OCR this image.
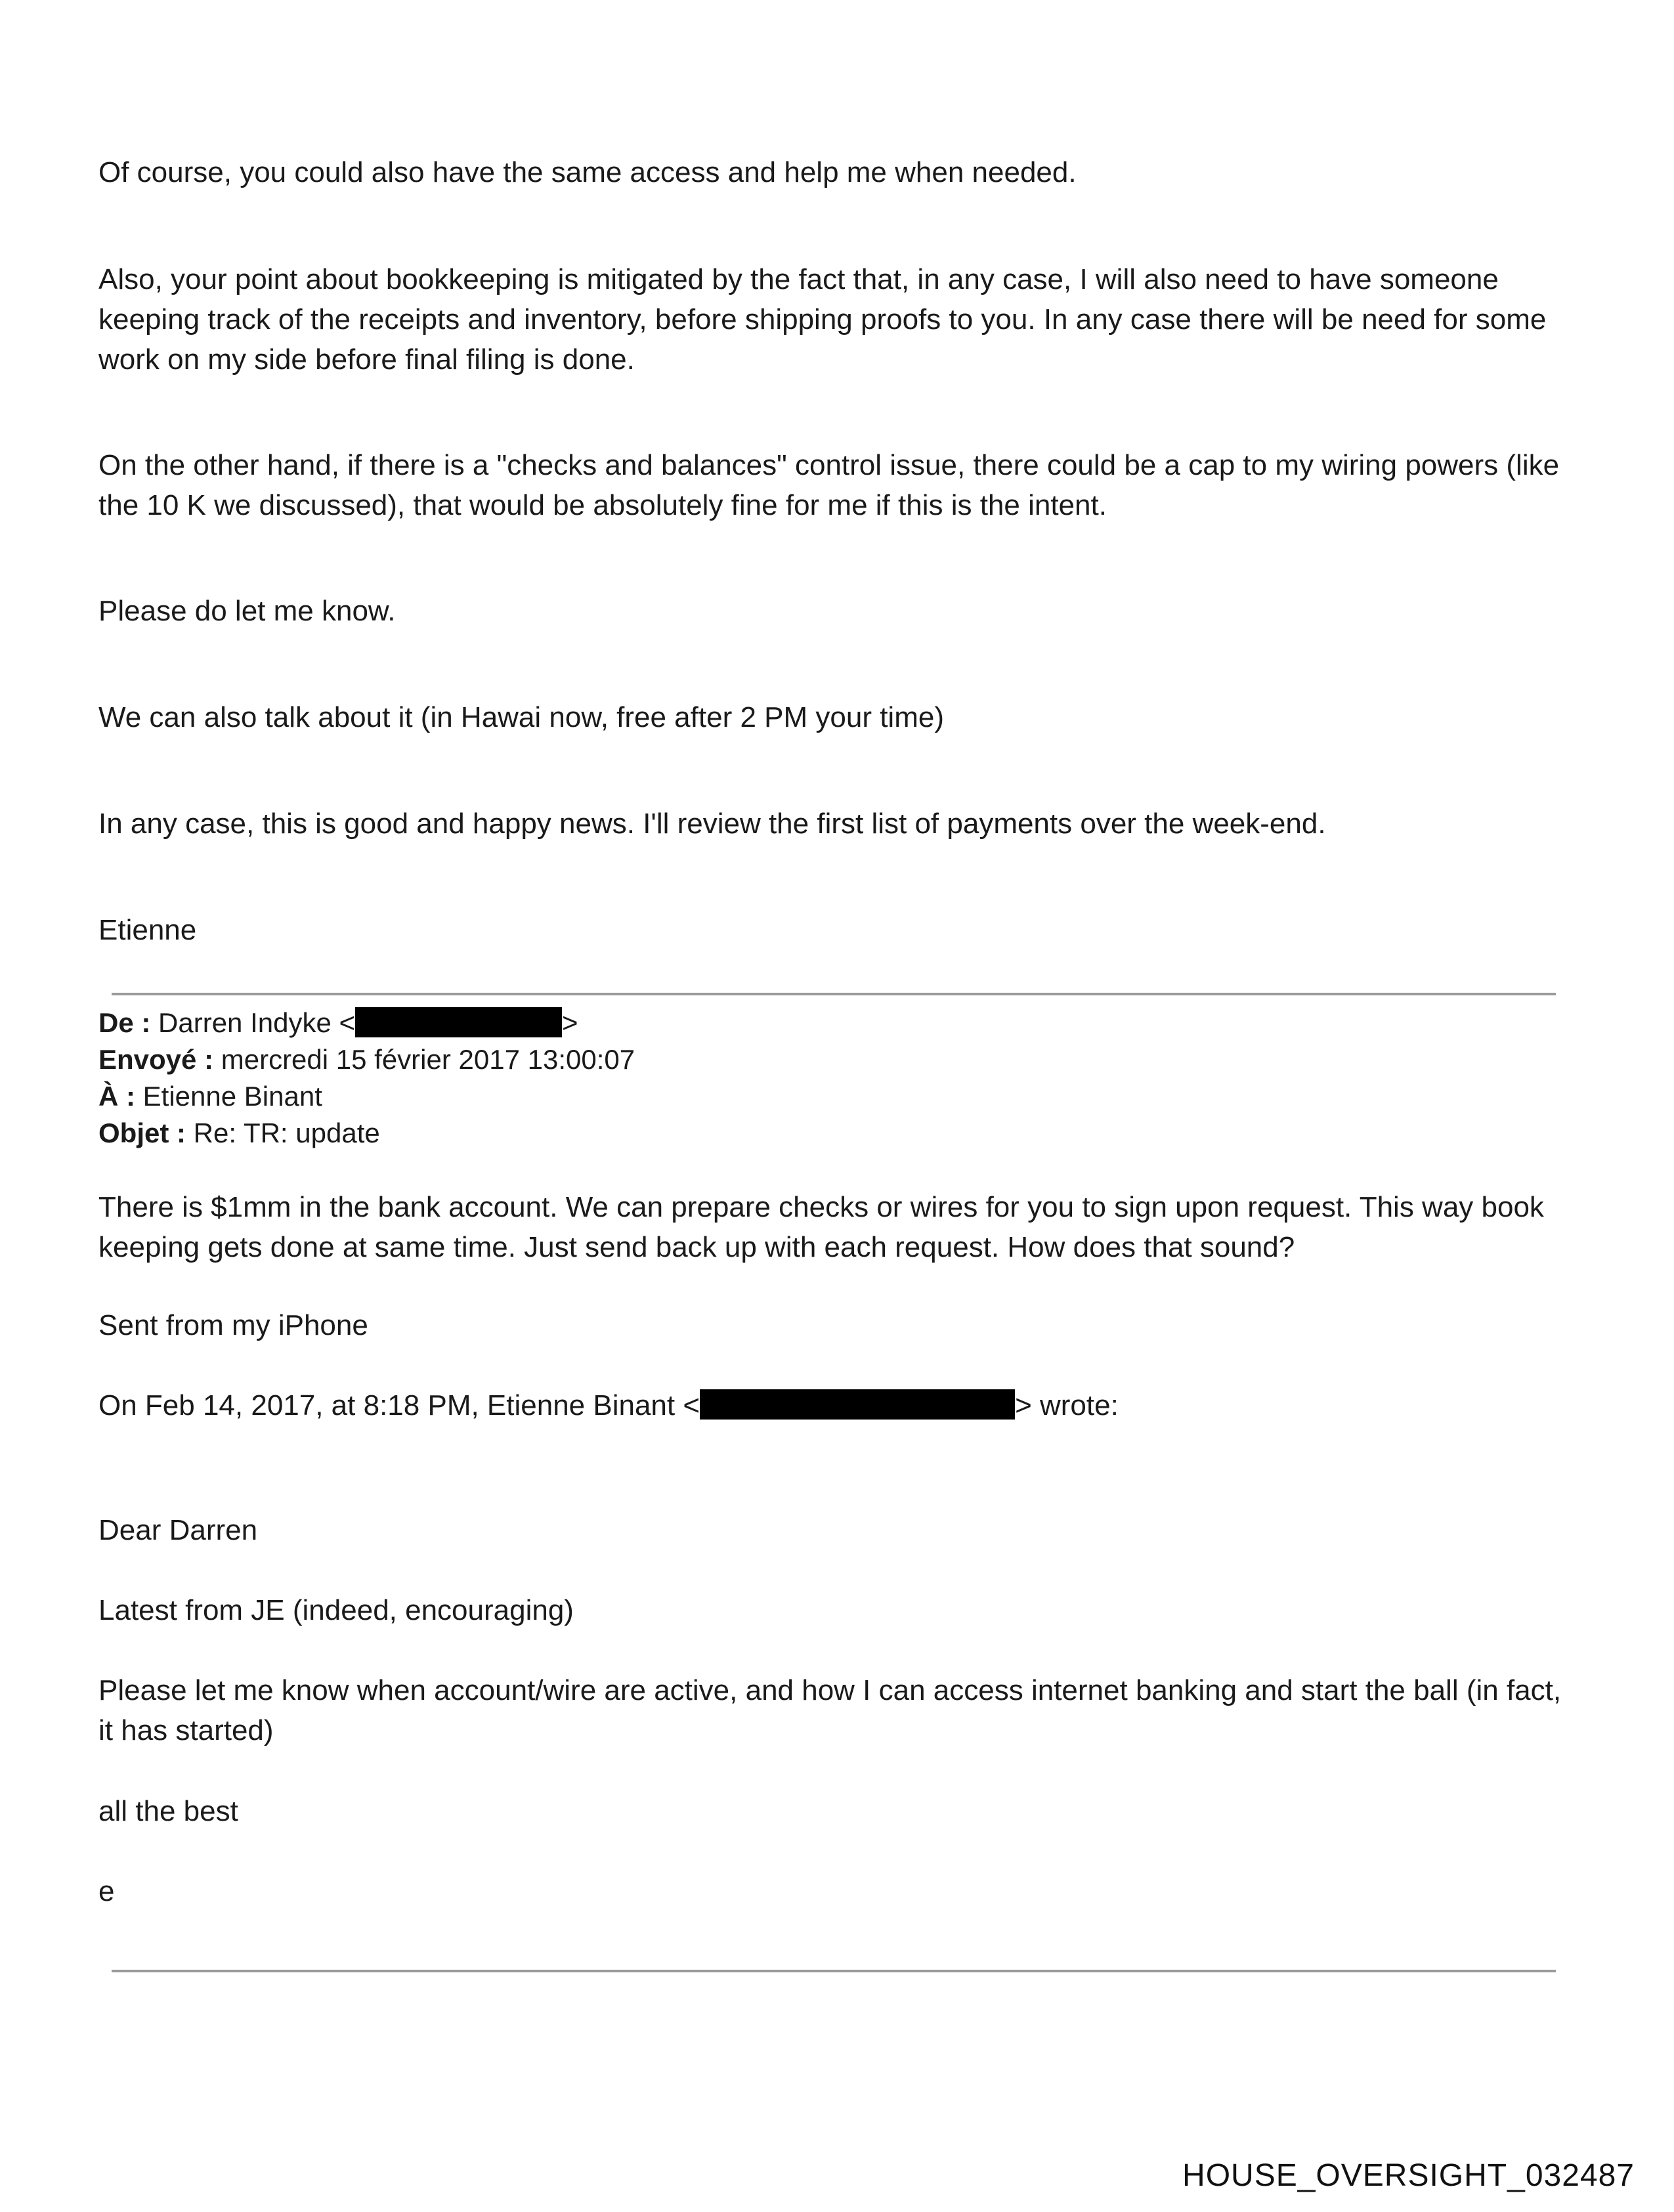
Of course, you could also have the same access and help me when needed.

Also, your point about bookkeeping is mitigated by the fact that, in any case, I will also need to have someone keeping track of the receipts and inventory, before shipping proofs to you. In any case there will be need for some work on my side before final filing is done.

On the other hand, if there is a "checks and balances" control issue, there could be a cap to my wiring powers (like the 10 K we discussed), that would be absolutely fine for me if this is the intent.

Please do let me know.

We can also talk about it (in Hawai now, free after 2 PM your time)

In any case, this is good and happy news. I'll review the first list of payments over the week-end.

Etienne

De : Darren Indyke <	>
Envoyé : mercredi 15 février 2017 13:00:07
À : Etienne Binant
Objet : Re: TR: update

There is $1mm in the bank account. We can prepare checks or wires for you to sign upon request. This way book keeping gets done at same time. Just send back up with each request. How does that sound?

Sent from my iPhone

On Feb 14, 2017, at 8:18 PM, Etienne Binant <	> wrote:

Dear Darren

Latest from JE (indeed, encouraging)

Please let me know when account/wire are active, and how I can access internet banking and start the ball (in fact, it has started)

all the best

e

HOUSE_OVERSIGHT_032487
